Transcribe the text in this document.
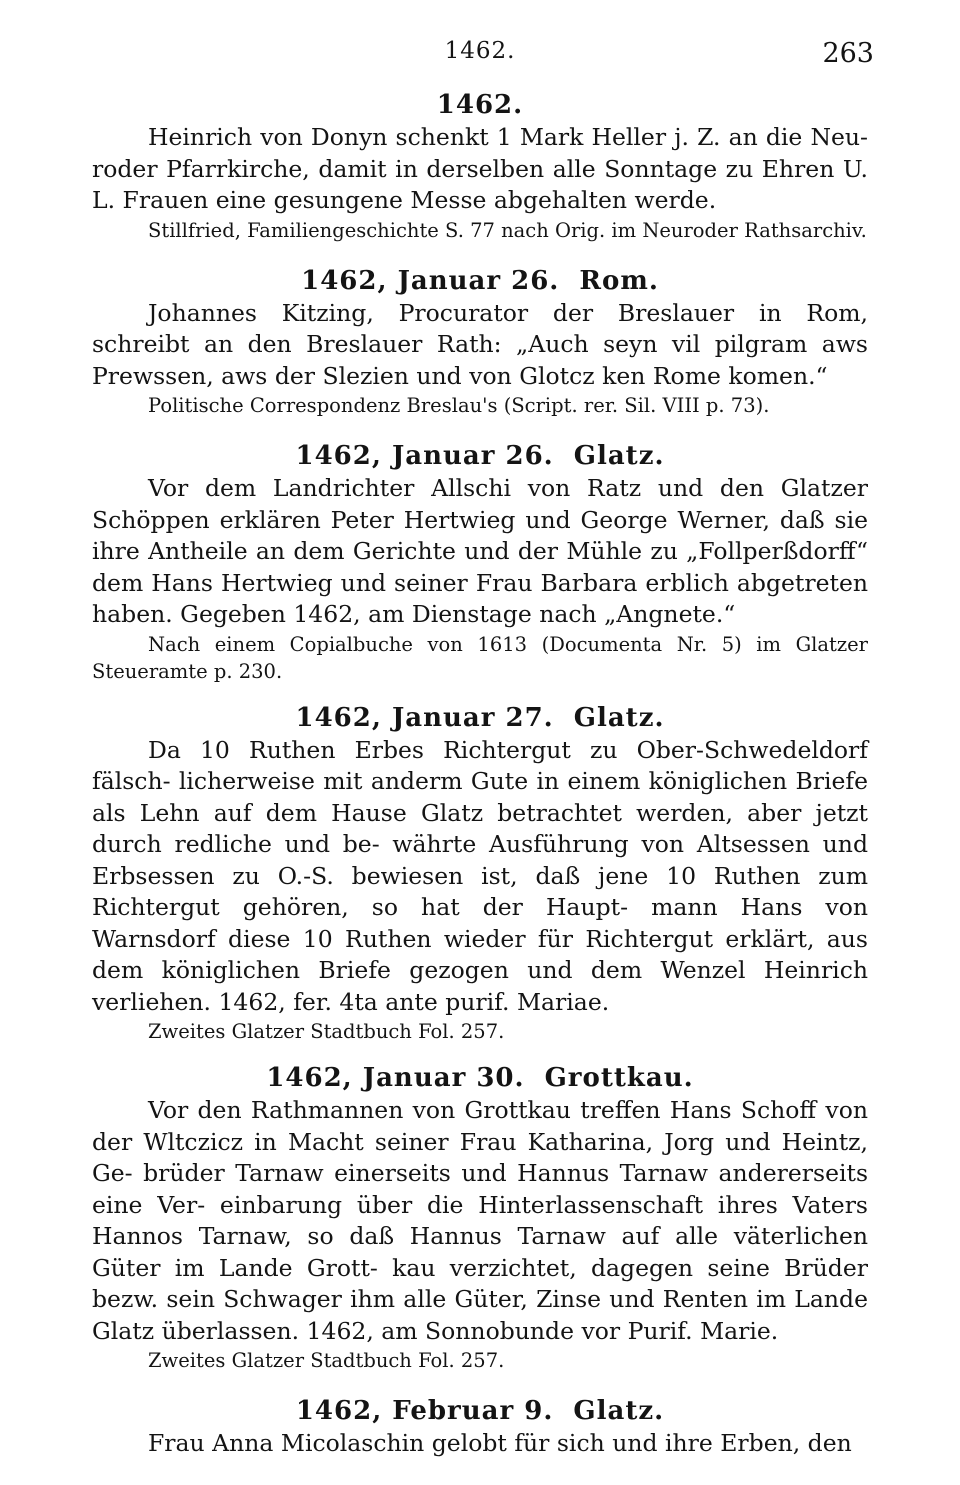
1462.	263

1462.

Heinrich von Donyn schenkt 1 Mark Heller j. Z. an die Neu- roder Pfarrkirche, damit in derselben alle Sonntage zu Ehren U. L. Frauen eine gesungene Messe abgehalten werde.

Stillfried, Familiengeschichte S. 77 nach Orig. im Neuroder Rathsarchiv.

1462, Januar 26. Rom.

Johannes Kitzing, Procurator der Breslauer in Rom, schreibt an den Breslauer Rath: „Auch seyn vil pilgram aws Prewssen, aws der Slezien und von Glotcz ken Rome komen.“

Politische Correspondenz Breslau's (Script. rer. Sil. VIII p. 73).

1462, Januar 26. Glatz.

Vor dem Landrichter Allschi von Ratz und den Glatzer Schöppen erklären Peter Hertwieg und George Werner, daß sie ihre Antheile an dem Gerichte und der Mühle zu „Follperßdorff“ dem Hans Hertwieg und seiner Frau Barbara erblich abgetreten haben. Gegeben 1462, am Dienstage nach „Angnete.“

Nach einem Copialbuche von 1613 (Documenta Nr. 5) im Glatzer Steueramte p. 230.

1462, Januar 27. Glatz.

Da 10 Ruthen Erbes Richtergut zu Ober-Schwedeldorf fälsch- licherweise mit anderm Gute in einem königlichen Briefe als Lehn auf dem Hause Glatz betrachtet werden, aber jetzt durch redliche und be- währte Ausführung von Altsessen und Erbsessen zu O.-S. bewiesen ist, daß jene 10 Ruthen zum Richtergut gehören, so hat der Haupt- mann Hans von Warnsdorf diese 10 Ruthen wieder für Richtergut erklärt, aus dem königlichen Briefe gezogen und dem Wenzel Heinrich verliehen. 1462, fer. 4ta ante purif. Mariae.

Zweites Glatzer Stadtbuch Fol. 257.

1462, Januar 30. Grottkau.

Vor den Rathmannen von Grottkau treffen Hans Schoff von der Wltczicz in Macht seiner Frau Katharina, Jorg und Heintz, Ge- brüder Tarnaw einerseits und Hannus Tarnaw andererseits eine Ver- einbarung über die Hinterlassenschaft ihres Vaters Hannos Tarnaw, so daß Hannus Tarnaw auf alle väterlichen Güter im Lande Grott- kau verzichtet, dagegen seine Brüder bezw. sein Schwager ihm alle Güter, Zinse und Renten im Lande Glatz überlassen. 1462, am Sonnobunde vor Purif. Marie.

Zweites Glatzer Stadtbuch Fol. 257.

1462, Februar 9. Glatz.

Frau Anna Micolaschin gelobt für sich und ihre Erben, den
